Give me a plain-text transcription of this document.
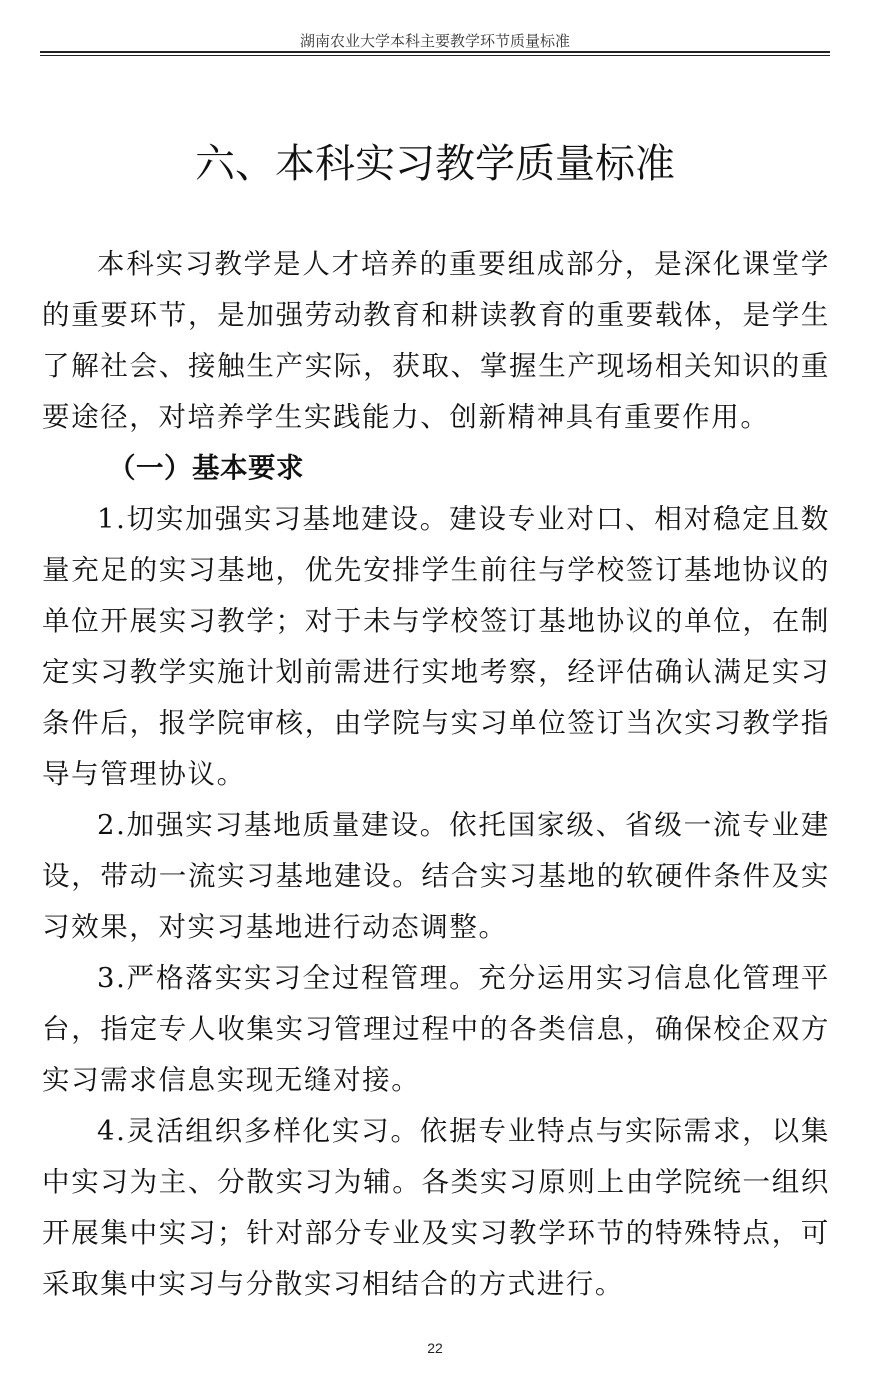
湖南农业大学本科主要教学环节质量标准
六、本科实习教学质量标准

本科实习教学是人才培养的重要组成部分，是深化课堂学的重要环节，是加强劳动教育和耕读教育的重要载体，是学生了解社会、接触生产实际，获取、掌握生产现场相关知识的重要途径，对培养学生实践能力、创新精神具有重要作用。

（一）基本要求

1.切实加强实习基地建设。建设专业对口、相对稳定且数量充足的实习基地，优先安排学生前往与学校签订基地协议的单位开展实习教学；对于未与学校签订基地协议的单位，在制定实习教学实施计划前需进行实地考察，经评估确认满足实习条件后，报学院审核，由学院与实习单位签订当次实习教学指导与管理协议。

2.加强实习基地质量建设。依托国家级、省级一流专业建设，带动一流实习基地建设。结合实习基地的软硬件条件及实习效果，对实习基地进行动态调整。

3.严格落实实习全过程管理。充分运用实习信息化管理平台，指定专人收集实习管理过程中的各类信息，确保校企双方实习需求信息实现无缝对接。

4.灵活组织多样化实习。依据专业特点与实际需求，以集中实习为主、分散实习为辅。各类实习原则上由学院统一组织开展集中实习；针对部分专业及实习教学环节的特殊特点，可采取集中实习与分散实习相结合的方式进行。

22
